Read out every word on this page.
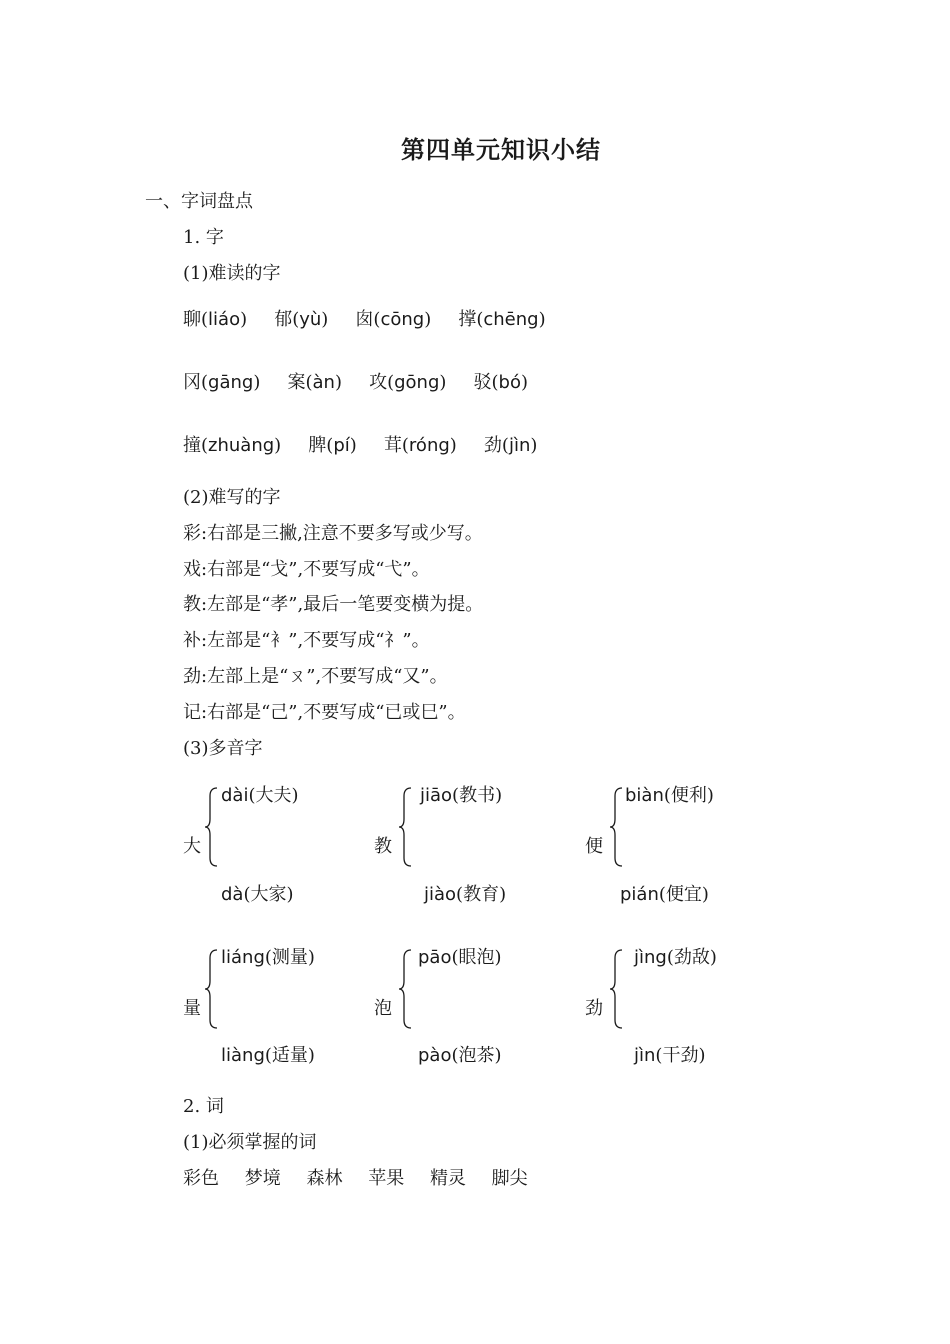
第四单元知识小结
一、字词盘点
1. 字
(1)难读的字
聊(liáo) 郁(yù) 囱(cōng) 撑(chēng)
冈(gāng) 案(àn) 攻(gōng) 驳(bó)
撞(zhuàng) 脾(pí) 茸(róng) 劲(jìn)
(2)难写的字
彩:右部是三撇,注意不要多写或少写。
戏:右部是“戈”,不要写成“弋”。
教:左部是“孝”,最后一笔要变横为提。
补:左部是“衤”,不要写成“礻”。
劲:左部上是“ㄡ”,不要写成“又”。
记:右部是“己”,不要写成“已或巳”。
(3)多音字
大
dài(大夫)
dà(大家)
教
jiāo(教书)
jiào(教育)
便
biàn(便利)
pián(便宜)
量
liáng(测量)
liàng(适量)
泡
pāo(眼泡)
pào(泡茶)
劲
jìng(劲敌)
jìn(干劲)
2. 词
(1)必须掌握的词
彩色 梦境 森林 苹果 精灵 脚尖
